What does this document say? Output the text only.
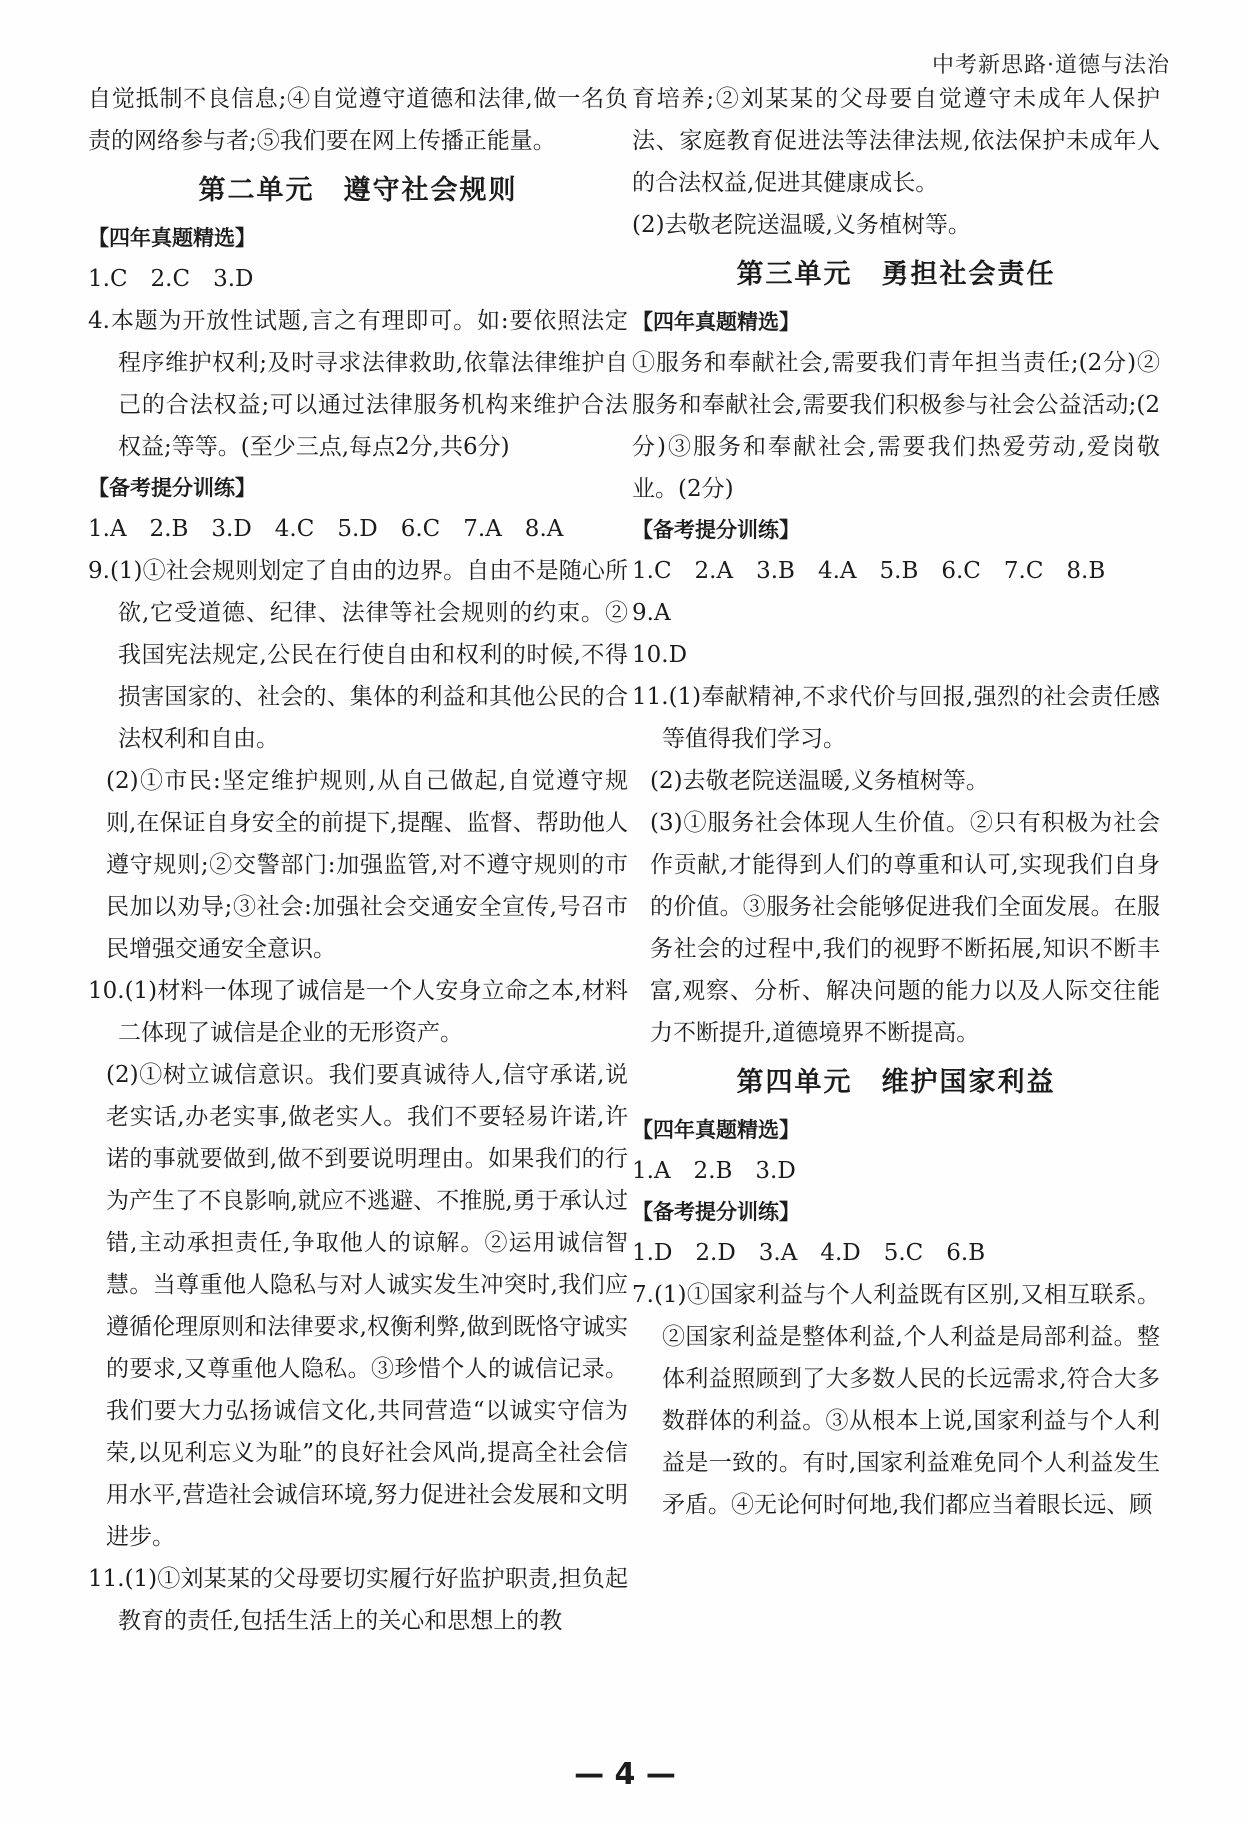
中考新思路·道德与法治

自觉抵制不良信息;④自觉遵守道德和法律,做一名负责的网络参与者;⑤我们要在网上传播正能量。

第二单元　遵守社会规则

【四年真题精选】

1.C　2.C　3.D

4.本题为开放性试题,言之有理即可。如:要依照法定程序维护权利;及时寻求法律救助,依靠法律维护自己的合法权益;可以通过法律服务机构来维护合法权益;等等。(至少三点,每点2分,共6分)

【备考提分训练】

1.A　2.B　3.D　4.C　5.D　6.C　7.A　8.A

9.(1)①社会规则划定了自由的边界。自由不是随心所欲,它受道德、纪律、法律等社会规则的约束。②我国宪法规定,公民在行使自由和权利的时候,不得损害国家的、社会的、集体的利益和其他公民的合法权利和自由。

(2)①市民:坚定维护规则,从自己做起,自觉遵守规则,在保证自身安全的前提下,提醒、监督、帮助他人遵守规则;②交警部门:加强监管,对不遵守规则的市民加以劝导;③社会:加强社会交通安全宣传,号召市民增强交通安全意识。

10.(1)材料一体现了诚信是一个人安身立命之本,材料二体现了诚信是企业的无形资产。

(2)①树立诚信意识。我们要真诚待人,信守承诺,说老实话,办老实事,做老实人。我们不要轻易许诺,许诺的事就要做到,做不到要说明理由。如果我们的行为产生了不良影响,就应不逃避、不推脱,勇于承认过错,主动承担责任,争取他人的谅解。②运用诚信智慧。当尊重他人隐私与对人诚实发生冲突时,我们应遵循伦理原则和法律要求,权衡利弊,做到既恪守诚实的要求,又尊重他人隐私。③珍惜个人的诚信记录。我们要大力弘扬诚信文化,共同营造“以诚实守信为荣,以见利忘义为耻”的良好社会风尚,提高全社会信用水平,营造社会诚信环境,努力促进社会发展和文明进步。

11.(1)①刘某某的父母要切实履行好监护职责,担负起教育的责任,包括生活上的关心和思想上的教

育培养;②刘某某的父母要自觉遵守未成年人保护法、家庭教育促进法等法律法规,依法保护未成年人的合法权益,促进其健康成长。

(2)去敬老院送温暖,义务植树等。

第三单元　勇担社会责任

【四年真题精选】

①服务和奉献社会,需要我们青年担当责任;(2分)②服务和奉献社会,需要我们积极参与社会公益活动;(2分)③服务和奉献社会,需要我们热爱劳动,爱岗敬业。(2分)

【备考提分训练】

1.C　2.A　3.B　4.A　5.B　6.C　7.C　8.B　9.A

10.D

11.(1)奉献精神,不求代价与回报,强烈的社会责任感等值得我们学习。

(2)去敬老院送温暖,义务植树等。

(3)①服务社会体现人生价值。②只有积极为社会作贡献,才能得到人们的尊重和认可,实现我们自身的价值。③服务社会能够促进我们全面发展。在服务社会的过程中,我们的视野不断拓展,知识不断丰富,观察、分析、解决问题的能力以及人际交往能力不断提升,道德境界不断提高。

第四单元　维护国家利益

【四年真题精选】

1.A　2.B　3.D

【备考提分训练】

1.D　2.D　3.A　4.D　5.C　6.B

7.(1)①国家利益与个人利益既有区别,又相互联系。②国家利益是整体利益,个人利益是局部利益。整体利益照顾到了大多数人民的长远需求,符合大多数群体的利益。③从根本上说,国家利益与个人利益是一致的。有时,国家利益难免同个人利益发生矛盾。④无论何时何地,我们都应当着眼长远、顾

— 4 —
